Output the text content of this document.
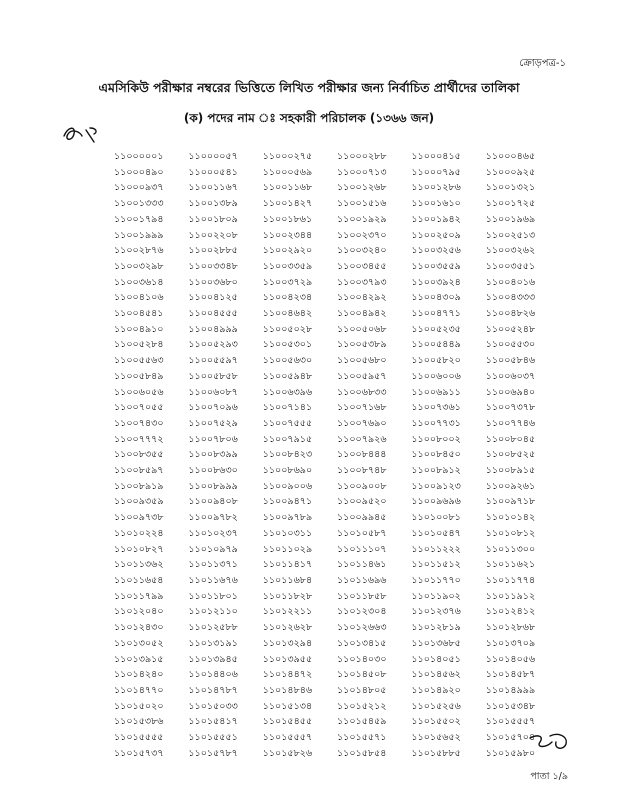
ক্রোড়পত্র-১
এমসিকিউ পরীক্ষার নম্বরের ভিত্তিতে লিখিত পরীক্ষার জন্য নির্বাচিত প্রার্থীদের তালিকা
(ক) পদের নাম ঃ সহকারী পরিচালক (১৩৬৬ জন)
১১০০০০০১	১১০০০০৫৭	১১০০০২৭৫	১১০০০২৮৮	১১০০০৪১৫	১১০০০৪৬৫
১১০০০৪৯০	১১০০০৫৪১	১১০০০৫৬৯	১১০০০৭১৩	১১০০০৭৯৫	১১০০০৯২৫
১১০০০৯৩৭	১১০০১১৬৭	১১০০১১৬৮	১১০০১২৬৮	১১০০১২৮৬	১১০০১৩২১
১১০০১৩৩৩	১১০০১৩৮৯	১১০০১৪২৭	১১০০১৫১৬	১১০০১৬১০	১১০০১৭২৫
১১০০১৭৯৪	১১০০১৮০৯	১১০০১৮৬১	১১০০১৯২৯	১১০০১৯৪২	১১০০১৯৬৯
১১০০১৯৯৯	১১০০২২০৮	১১০০২৩৪৪	১১০০২৩৭০	১১০০২৫০৯	১১০০২৫১৩
১১০০২৮৭৬	১১০০২৮৮৫	১১০০২৯২০	১১০০৩২৪০	১১০০৩২৫৬	১১০০৩২৬২
১১০০৩২৯৮	১১০০৩৩৪৮	১১০০৩৩৫৯	১১০০৩৪৫৫	১১০০৩৫৫৯	১১০০৩৫৫১
১১০০৩৬১৪	১১০০৩৬৮০	১১০০৩৭২৯	১১০০৩৭৯৩	১১০০৩৯২৪	১১০০৪০১৬
১১০০৪১০৬	১১০০৪১২৫	১১০০৪২৩৪	১১০০৪২৯২	১১০০৪৩০৯	১১০০৪৩৩৩
১১০০৪৫৪১	১১০০৪৫৫৫	১১০০৪৬৪২	১১০০৪৯৪২	১১০০৪৭৭১	১১০০৪৮২৬
১১০০৪৯১০	১১০০৪৯৯৯	১১০০৫০২৮	১১০০৫০৬৮	১১০০৫২৩৫	১১০০৫২৪৮
১১০০৫২৮৪	১১০০৫২৯৩	১১০০৫৩০১	১১০০৫৩৮৯	১১০০৫৪৪৯	১১০০৫৫৩০
১১০০৫৫৬৩	১১০০৫৫৯৭	১১০০৫৬৩০	১১০০৫৬৮০	১১০০৫৮২০	১১০০৫৮৪৬
১১০০৫৮৪৯	১১০০৫৮৫৮	১১০০৫৯৪৮	১১০০৫৯৫৭	১১০০৬০০৬	১১০০৬০৩৭
১১০০৬০৫৬	১১০০৬০৮৭	১১০০৬৩৯৬	১১০০৬৮৩৩	১১০০৬৯১১	১১০০৬৯৪০
১১০০৭০৫৫	১১০০৭০৯৬	১১০০৭১৪১	১১০০৭১৬৮	১১০০৭৩৬১	১১০০৭৩৭৮
১১০০৭৪৩০	১১০০৭৫২৯	১১০০৭৫৫৫	১১০০৭৬৯০	১১০০৭৭৩১	১১০০৭৭৪৬
১১০০৭৭৭২	১১০০৭৮০৬	১১০০৭৯১৫	১১০০৭৯২৬	১১০০৮০০২	১১০০৮০৪৫
১১০০৮৩৫৫	১১০০৮৩৯৯	১১০০৮৪২৩	১১০০৮৪৪৪	১১০০৮৪৫০	১১০০৮৫২৫
১১০০৮৫৯৭	১১০০৮৬৩০	১১০০৮৬৯০	১১০০৮৭৪৮	১১০০৮৯১২	১১০০৮৯১৫
১১০০৮৯১৯	১১০০৮৯৯৯	১১০০৯০০৬	১১০০৯০০৮	১১০০৯১২৩	১১০০৯২৬১
১১০০৯৩৫৯	১১০০৯৪০৮	১১০০৯৪৭১	১১০০৯৫২০	১১০০৯৬৯৬	১১০০৯৭১৮
১১০০৯৭৩৮	১১০০৯৭৮২	১১০০৯৭৮৯	১১০০৯৯৪৫	১১০১০০৮১	১১০১০১৪২
১১০১০২২৪	১১০১০২৩৭	১১০১০৩১১	১১০১০৫৮৭	১১০১০৫৪৭	১১০১০৮১২
১১০১০৮২৭	১১০১০৯৭৯	১১০১১০২৯	১১০১১১০৭	১১০১১২২২	১১০১১৩০০
১১০১১৩৬২	১১০১১৩৭১	১১০১১৪১৭	১১০১১৪৬১	১১০১১৫১২	১১০১১৬২১
১১০১১৬৫৪	১১০১১৬৭৬	১১০১১৬৮৪	১১০১১৬৯৬	১১০১১৭৭০	১১০১১৭৭৪
১১০১১৭৯৯	১১০১১৮০১	১১০১১৮২৮	১১০১১৮৫৮	১১০১১৯০২	১১০১১৯১২
১১০১২০৪০	১১০১২১১০	১১০১২২১১	১১০১২৩০৪	১১০১২৩৭৬	১১০১২৪১২
১১০১২৪৩০	১১০১২৫৮৮	১১০১২৬২৮	১১০১২৬৬৩	১১০১২৮১৯	১১০১২৮৬৮
১১০১৩০৫২	১১০১৩১৯১	১১০১৩২৯৪	১১০১৩৪১৫	১১০১৩৬৮৫	১১০১৩৭০৯
১১০১৩৯১৫	১১০১৩৯৪৫	১১০১৩৯৫৫	১১০১৪০৩০	১১০১৪০৫১	১১০১৪০৫৬
১১০১৪২৪০	১১০১৪৪০৬	১১০১৪৪৭২	১১০১৪৫০৮	১১০১৪৫৬২	১১০১৪৫৮৭
১১০১৪৭৭০	১১০১৪৭৮৭	১১০১৪৮৪৬	১১০১৪৮০৫	১১০১৪৯২০	১১০১৪৯৯৯
১১০১৫০২০	১১০১৫০৩৩	১১০১৫১৩৪	১১০১৫২১২	১১০১৫২৫৬	১১০১৫৩৪৮
১১০১৫৩৮৬	১১০১৫৪১৭	১১০১৫৪৫৫	১১০১৫৪৫৯	১১০১৫৫০২	১১০১৫৫৫৭
১১০১৫৫৫৫	১১০১৫৫৫১	১১০১৫৫৫৭	১১০১৫৫৭১	১১০১৫৬৫২	১১০১৫৭০৪
১১০১৫৭৩৭	১১০১৫৭৮৭	১১০১৫৮২৬	১১০১৫৮৫৪	১১০১৫৮৮৫	১১০১৫৯৮০
পাতা ১/৯
